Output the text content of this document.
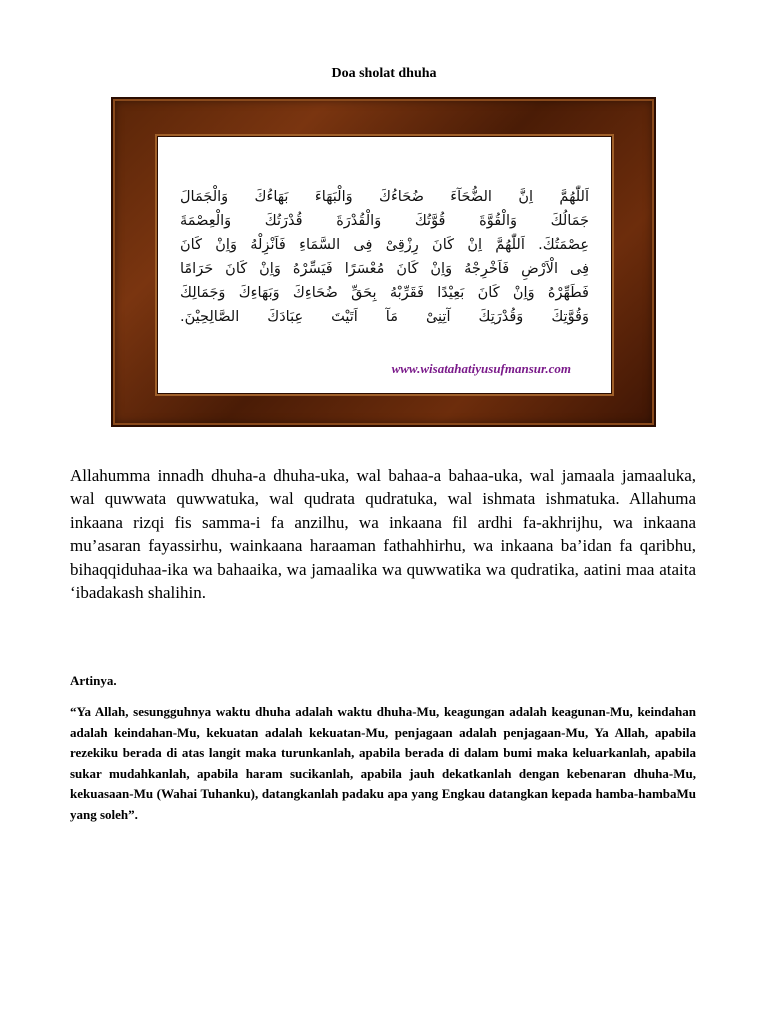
Doa sholat dhuha
اَللّٰهُمَّ اِنَّ الضُّحَآءَ ضُحَاءُكَ وَالْبَهَاءَ بَهَاءُكَ وَالْجَمَالَ
جَمَالُكَ وَالْقُوَّةَ قُوَّتُكَ وَالْقُدْرَةَ قُدْرَتُكَ وَالْعِصْمَةَ
عِصْمَتُكَ. اَللّٰهُمَّ اِنْ كَانَ رِزْقِىْ فِى السَّمَاءِ فَاَنْزِلْهُ وَاِنْ كَانَ
فِى الْاَرْضِ فَاَخْرِجْهُ وَاِنْ كَانَ مُعْسَرًا فَيَسِّرْهُ وَاِنْ كَانَ حَرَامًا
فَطَهِّرْهُ وَاِنْ كَانَ بَعِيْدًا فَقَرِّبْهُ بِحَقِّ ضُحَاءِكَ وَبَهَاءِكَ وَجَمَالِكَ
وَقُوَّتِكَ وَقُدْرَتِكَ آتِنِىْ مَآ اَتَيْتَ عِبَادَكَ الصَّالِحِيْنَ.
www.wisatahatiyusufmansur.com

Allahumma innadh dhuha-a dhuha-uka, wal bahaa-a bahaa-uka, wal jamaala jamaaluka, wal quwwata quwwatuka, wal qudrata qudratuka, wal ishmata ishmatuka. Allahuma inkaana rizqi fis samma-i fa anzilhu, wa inkaana fil ardhi fa-akhrijhu, wa inkaana mu’asaran fayassirhu, wainkaana haraaman fathahhirhu, wa inkaana ba’idan fa qaribhu, bihaqqiduhaa-ika wa bahaaika, wa jamaalika wa quwwatika wa qudratika, aatini maa ataita ‘ibadakash shalihin.

Artinya.

“Ya Allah, sesungguhnya waktu dhuha adalah waktu dhuha-Mu, keagungan adalah keagunan-Mu, keindahan adalah keindahan-Mu, kekuatan adalah kekuatan-Mu, penjagaan adalah penjagaan-Mu, Ya Allah, apabila rezekiku berada di atas langit maka turunkanlah, apabila berada di dalam bumi maka keluarkanlah, apabila sukar mudahkanlah, apabila haram sucikanlah, apabila jauh dekatkanlah dengan kebenaran dhuha-Mu, kekuasaan-Mu (Wahai Tuhanku), datangkanlah padaku apa yang Engkau datangkan kepada hamba-hambaMu yang soleh”.
